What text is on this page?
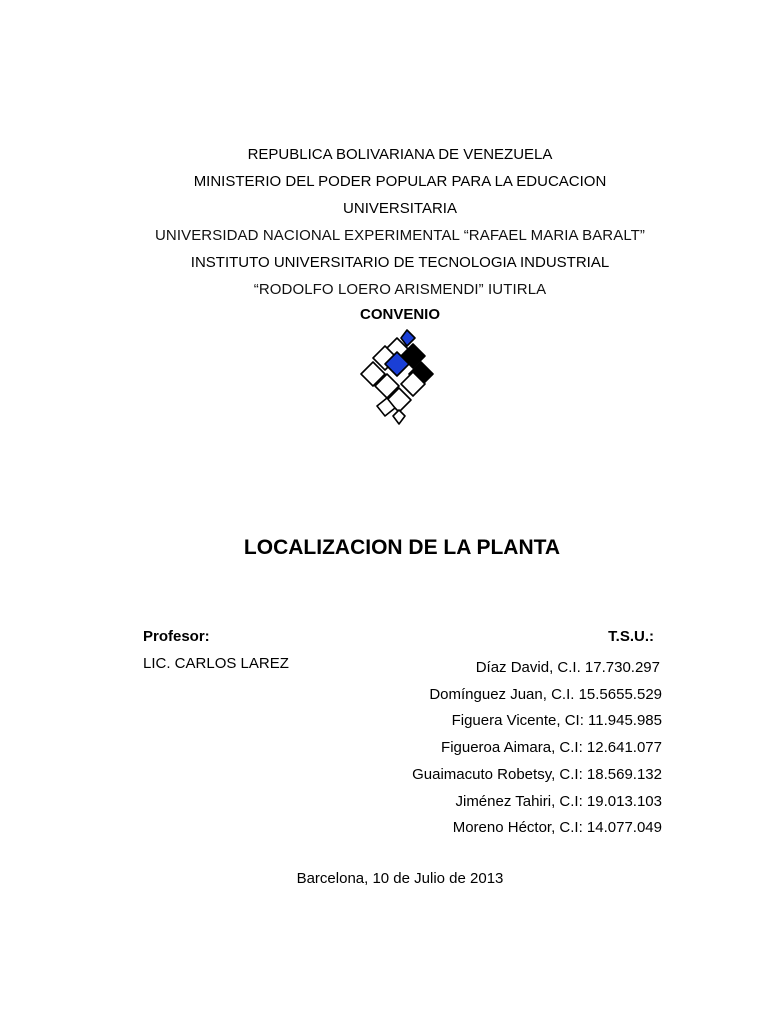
REPUBLICA BOLIVARIANA DE VENEZUELA
MINISTERIO DEL PODER POPULAR PARA LA EDUCACION
UNIVERSITARIA
UNIVERSIDAD NACIONAL EXPERIMENTAL “RAFAEL MARIA BARALT”
INSTITUTO UNIVERSITARIO DE TECNOLOGIA INDUSTRIAL
“RODOLFO LOERO ARISMENDI” IUTIRLA
CONVENIO
LOCALIZACION DE LA PLANTA
Profesor:
LIC. CARLOS LAREZ
T.S.U.:
Díaz David, C.I. 17.730.297
Domínguez Juan, C.I. 15.5655.529
Figuera Vicente, CI: 11.945.985
Figueroa Aimara, C.I: 12.641.077
Guaimacuto Robetsy, C.I: 18.569.132
Jiménez Tahiri, C.I: 19.013.103
Moreno Héctor, C.I: 14.077.049
Barcelona, 10 de Julio de 2013
